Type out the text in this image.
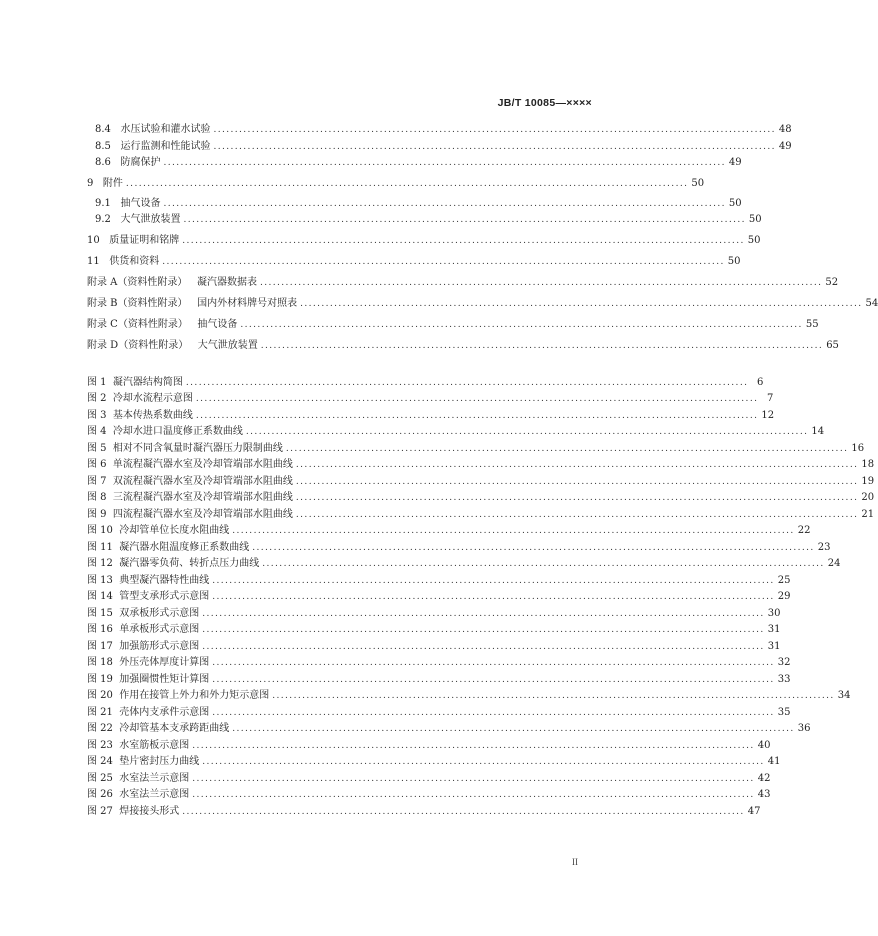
JB/T 10085—××××
8.4 水压试验和灌水试验 .................................................................................................................................... 48
8.5 运行监测和性能试验 .................................................................................................................................... 49
8.6 防腐保护 .................................................................................................................................... 49
9 附件 .................................................................................................................................... 50
9.1 抽气设备 .................................................................................................................................... 50
9.2 大气泄放装置 .................................................................................................................................... 50
10 质量证明和铭牌 .................................................................................................................................... 50
11 供货和资料 .................................................................................................................................... 50
附录 A（资料性附录） 凝汽器数据表 .................................................................................................................................... 52
附录 B（资料性附录） 国内外材料牌号对照表 .................................................................................................................................... 54
附录 C（资料性附录） 抽气设备 .................................................................................................................................... 55
附录 D（资料性附录） 大气泄放装置 .................................................................................................................................... 65
图 1 凝汽器结构简图 .................................................................................................................................... 6
图 2 冷却水流程示意图 .................................................................................................................................... 7
图 3 基本传热系数曲线 .................................................................................................................................... 12
图 4 冷却水进口温度修正系数曲线 .................................................................................................................................... 14
图 5 相对不同含氧量时凝汽器压力限制曲线 .................................................................................................................................... 16
图 6 单流程凝汽器水室及冷却管端部水阻曲线 .................................................................................................................................... 18
图 7 双流程凝汽器水室及冷却管端部水阻曲线 .................................................................................................................................... 19
图 8 三流程凝汽器水室及冷却管端部水阻曲线 .................................................................................................................................... 20
图 9 四流程凝汽器水室及冷却管端部水阻曲线 .................................................................................................................................... 21
图 10 冷却管单位长度水阻曲线 .................................................................................................................................... 22
图 11 凝汽器水阻温度修正系数曲线 .................................................................................................................................... 23
图 12 凝汽器零负荷、转折点压力曲线 .................................................................................................................................... 24
图 13 典型凝汽器特性曲线 .................................................................................................................................... 25
图 14 管型支承形式示意图 .................................................................................................................................... 29
图 15 双承板形式示意图 .................................................................................................................................... 30
图 16 单承板形式示意图 .................................................................................................................................... 31
图 17 加强筋形式示意图 .................................................................................................................................... 31
图 18 外压壳体厚度计算图 .................................................................................................................................... 32
图 19 加强圈惯性矩计算图 .................................................................................................................................... 33
图 20 作用在接管上外力和外力矩示意图 .................................................................................................................................... 34
图 21 壳体内支承件示意图 .................................................................................................................................... 35
图 22 冷却管基本支承跨距曲线 .................................................................................................................................... 36
图 23 水室筋板示意图 .................................................................................................................................... 40
图 24 垫片密封压力曲线 .................................................................................................................................... 41
图 25 水室法兰示意图 .................................................................................................................................... 42
图 26 水室法兰示意图 .................................................................................................................................... 43
图 27 焊接接头形式 .................................................................................................................................... 47
II
